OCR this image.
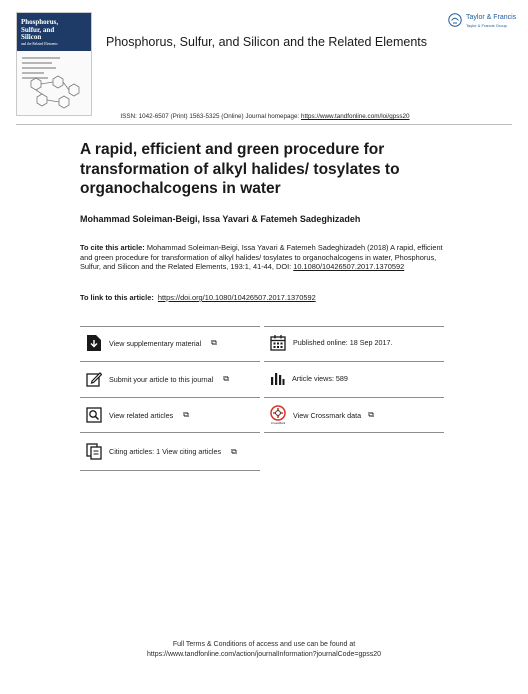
Phosphorus,
Sulfur, and
Silicon
and the Related Elements	Phosphorus, Sulfur, and Silicon and the Related Elements
Taylor & Francis
Taylor & Francis Group
ISSN: 1042-6507 (Print) 1563-5325 (Online) Journal homepage: https://www.tandfonline.com/loi/gpss20
A rapid, efficient and green procedure for transformation of alkyl halides/ tosylates to organochalcogens in water
Mohammad Soleiman-Beigi, Issa Yavari & Fatemeh Sadeghizadeh
To cite this article: Mohammad Soleiman-Beigi, Issa Yavari & Fatemeh Sadeghizadeh (2018) A rapid, efficient and green procedure for transformation of alkyl halides/ tosylates to organochalcogens in water, Phosphorus, Sulfur, and Silicon and the Related Elements, 193:1, 41-44, DOI: 10.1080/10426507.2017.1370592
To link to this article: https://doi.org/10.1080/10426507.2017.1370592
View supplementary material ⧉	Published online: 18 Sep 2017.
Submit your article to this journal ⧉	Article views: 589
View related articles ⧉
CrossMark
View Crossmark data ⧉
Citing articles: 1 View citing articles ⧉
Full Terms & Conditions of access and use can be found at
https://www.tandfonline.com/action/journalInformation?journalCode=gpss20
